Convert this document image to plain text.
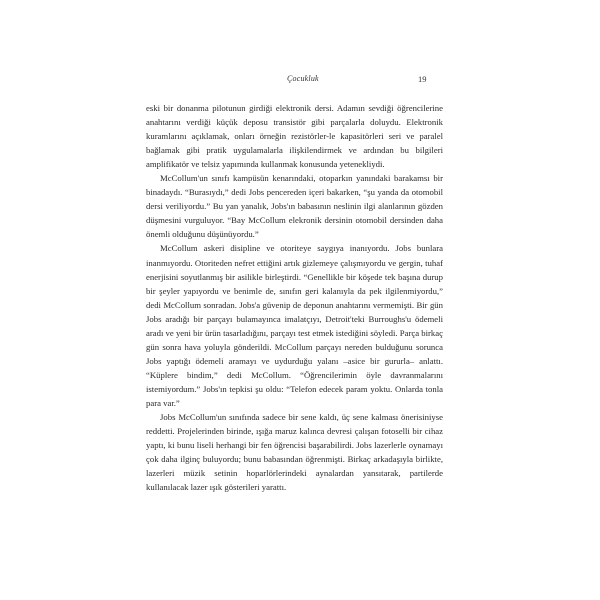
Çocukluk	19

eski bir donanma pilotunun girdiği elektronik dersi. Adamın sevdiği öğrencilerine anahtarını verdiği küçük deposu transistör gibi parçalarla doluydu. Elektronik kuramlarını açıklamak, onları örneğin rezistörler-le kapasitörleri seri ve paralel bağlamak gibi pratik uygulamalarla ilişkilendirmek ve ardından bu bilgileri amplifikatör ve telsiz yapımında kullanmak konusunda yetenekliydi.

McCollum'un sınıfı kampüsün kenarındaki, otoparkın yanındaki barakamsı bir binadaydı. “Burasıydı,” dedi Jobs pencereden içeri bakarken, “şu yanda da otomobil dersi veriliyordu.” Bu yan yanalık, Jobs'ın babasının neslinin ilgi alanlarının gözden düşmesini vurguluyor. “Bay McCollum elekronik dersinin otomobil dersinden daha önemli olduğunu düşünüyordu.”

McCollum askeri disipline ve otoriteye saygıya inanıyordu. Jobs bunlara inanmıyordu. Otoriteden nefret ettiğini artık gizlemeye çalışmıyordu ve gergin, tuhaf enerjisini soyutlanmış bir asilikle birleştirdi. “Genellikle bir köşede tek başına durup bir şeyler yapıyordu ve benimle de, sınıfın geri kalanıyla da pek ilgilenmiyordu,” dedi McCollum sonradan. Jobs'a güvenip de deponun anahtarını vermemişti. Bir gün Jobs aradığı bir parçayı bulamayınca imalatçıyı, Detroit'teki Burroughs'u ödemeli aradı ve yeni bir ürün tasarladığını, parçayı test etmek istediğini söyledi. Parça birkaç gün sonra hava yoluyla gönderildi. McCollum parçayı nereden bulduğunu sorunca Jobs yaptığı ödemeli aramayı ve uydurduğu yalanı –asice bir gururla– anlattı. “Küplere bindim,” dedi McCollum. “Öğrencilerimin öyle davranmalarını istemiyordum.” Jobs'ın tepkisi şu oldu: “Telefon edecek param yoktu. Onlarda tonla para var.”

Jobs McCollum'un sınıfında sadece bir sene kaldı, üç sene kalması önerisiniyse reddetti. Projelerinden birinde, ışığa maruz kalınca devresi çalışan fotoselli bir cihaz yaptı, ki bunu liseli herhangi bir fen öğrencisi başarabilirdi. Jobs lazerlerle oynamayı çok daha ilginç buluyordu; bunu babasından öğrenmişti. Birkaç arkadaşıyla birlikte, lazerleri müzik setinin hoparlörlerindeki aynalardan yansıtarak, partilerde kullanılacak lazer ışık gösterileri yarattı.
